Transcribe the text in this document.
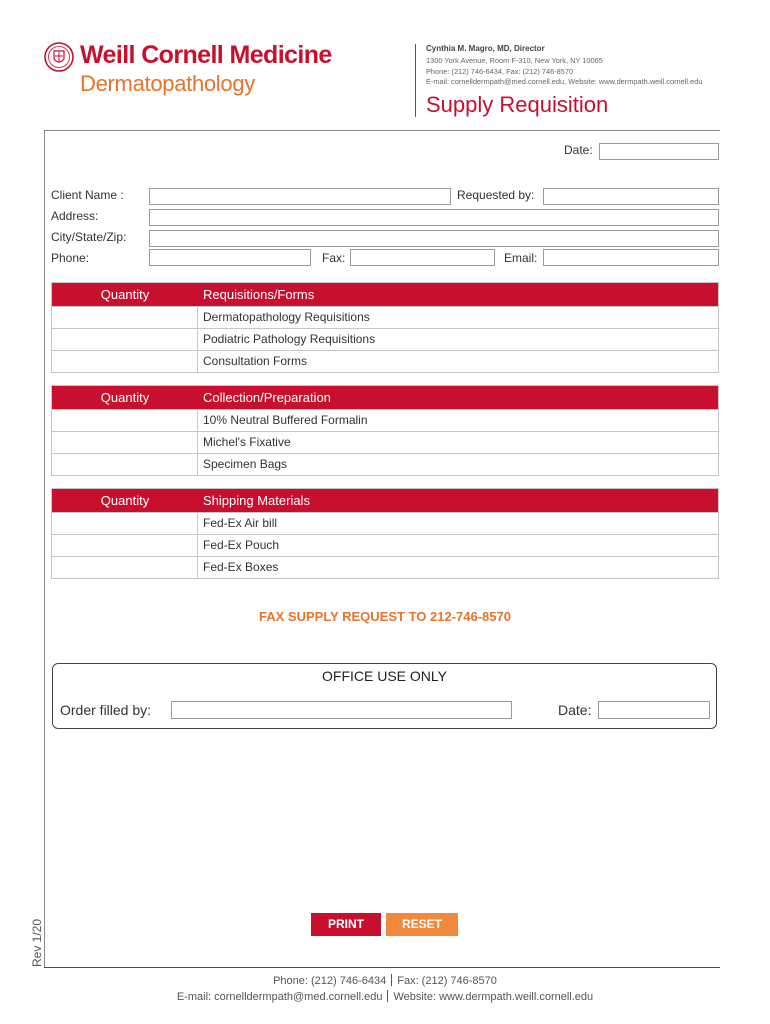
Weill Cornell Medicine
Dermatopathology
Cynthia M. Magro, MD, Director
1300 York Avenue, Room F-310, New York, NY 10065
Phone: (212) 746-6434, Fax: (212) 746-8570
E-mail: cornelldermpath@med.cornell.edu, Website: www.dermpath.weill.cornell.edu
Supply Requisition
Date:
Client Name :	Requested by:
Address:
City/State/Zip:
Phone:	Fax:	Email:
Quantity	Requisitions/Forms
Dermatopathology Requisitions
Podiatric Pathology Requisitions
Consultation Forms
Quantity	Collection/Preparation
10% Neutral Buffered Formalin
Michel's Fixative
Specimen Bags
Quantity	Shipping Materials
Fed-Ex Air bill
Fed-Ex Pouch
Fed-Ex Boxes
FAX SUPPLY REQUEST TO 212-746-8570
OFFICE USE ONLY
Order filled by:	Date:
PRINT	RESET
Rev 1/20
Phone: (212) 746-6434 Fax: (212) 746-8570
E-mail: cornelldermpath@med.cornell.edu Website: www.dermpath.weill.cornell.edu
